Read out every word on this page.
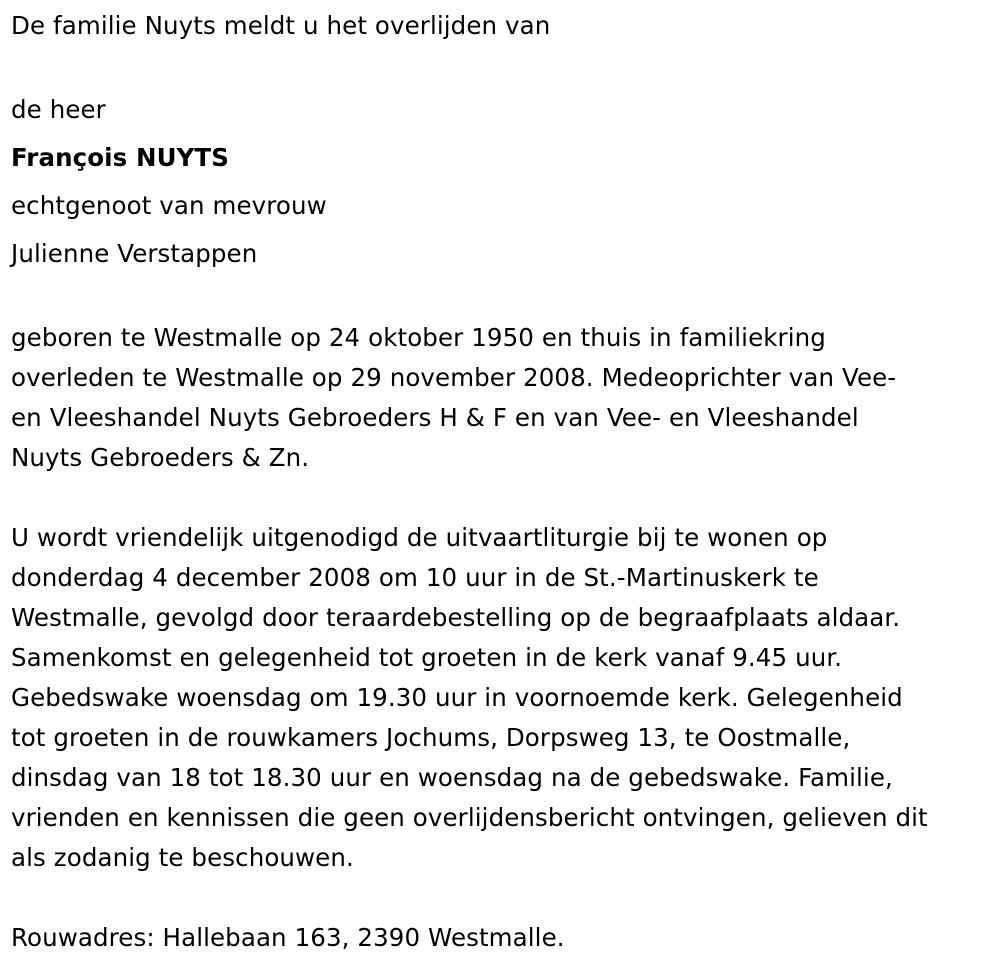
De familie Nuyts meldt u het overlijden van

de heer

François NUYTS

echtgenoot van mevrouw

Julienne Verstappen

geboren te Westmalle op 24 oktober 1950 en thuis in familiekring
overleden te Westmalle op 29 november 2008. Medeoprichter van Vee-
en Vleeshandel Nuyts Gebroeders H & F en van Vee- en Vleeshandel
Nuyts Gebroeders & Zn.
U wordt vriendelijk uitgenodigd de uitvaartliturgie bij te wonen op
donderdag 4 december 2008 om 10 uur in de St.-Martinuskerk te
Westmalle, gevolgd door teraardebestelling op de begraafplaats aldaar.
Samenkomst en gelegenheid tot groeten in de kerk vanaf 9.45 uur.
Gebedswake woensdag om 19.30 uur in voornoemde kerk. Gelegenheid
tot groeten in de rouwkamers Jochums, Dorpsweg 13, te Oostmalle,
dinsdag van 18 tot 18.30 uur en woensdag na de gebedswake. Familie,
vrienden en kennissen die geen overlijdensbericht ontvingen, gelieven dit
als zodanig te beschouwen.

Rouwadres: Hallebaan 163, 2390 Westmalle.
